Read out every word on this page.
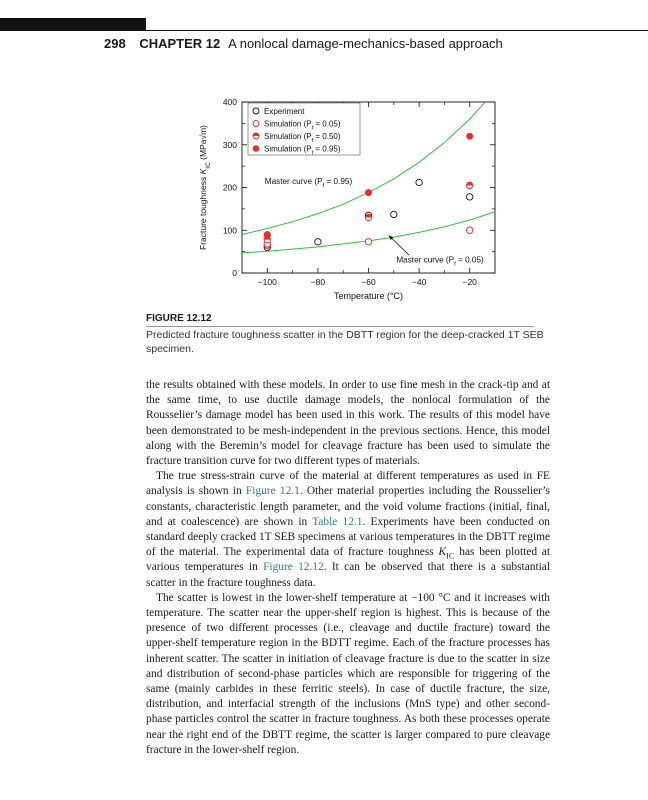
298 CHAPTER 12 A nonlocal damage-mechanics-based approach
−100	−80	−60	−40	−20
0
100
200
300
400
Temperature (°C)
Fracture toughness $K_{IC}$ (MPa√m)
Master curve $(P_f = 0.95)$
Master curve $(P_f = 0.05)$
Experiment
Simulation $(P_f = 0.05)$
Simulation $(P_f = 0.50)$
Simulation $(P_f = 0.95)$
FIGURE 12.12
Predicted fracture toughness scatter in the DBTT region for the deep-cracked 1T SEB specimen.

the results obtained with these models. In order to use fine mesh in the crack-tip and at the same time, to use ductile damage models, the nonlocal formulation of the Rousselier’s damage model has been used in this work. The results of this model have been demonstrated to be mesh-independent in the previous sections. Hence, this model along with the Beremin’s model for cleavage fracture has been used to simulate the fracture transition curve for two different types of materials.

The true stress-strain curve of the material at different temperatures as used in FE analysis is shown in Figure 12.1. Other material properties including the Rousselier’s constants, characteristic length parameter, and the void volume fractions (initial, final, and at coalescence) are shown in Table 12.1. Experiments have been conducted on standard deeply cracked 1T SEB specimens at various temperatures in the DBTT regime of the material. The experimental data of fracture toughness $K_{IC}$ has been plotted at various temperatures in Figure 12.12. It can be observed that there is a substantial scatter in the fracture toughness data.

The scatter is lowest in the lower-shelf temperature at −100 °C and it increases with temperature. The scatter near the upper-shelf region is highest. This is because of the presence of two different processes (i.e., cleavage and ductile fracture) toward the upper-shelf temperature region in the BDTT regime. Each of the fracture processes has inherent scatter. The scatter in initiation of cleavage fracture is due to the scatter in size and distribution of second-phase particles which are responsible for triggering of the same (mainly carbides in these ferritic steels). In case of ductile fracture, the size, distribution, and interfacial strength of the inclusions (MnS type) and other second-phase particles control the scatter in fracture toughness. As both these processes operate near the right end of the DBTT regime, the scatter is larger compared to pure cleavage fracture in the lower-shelf region.
